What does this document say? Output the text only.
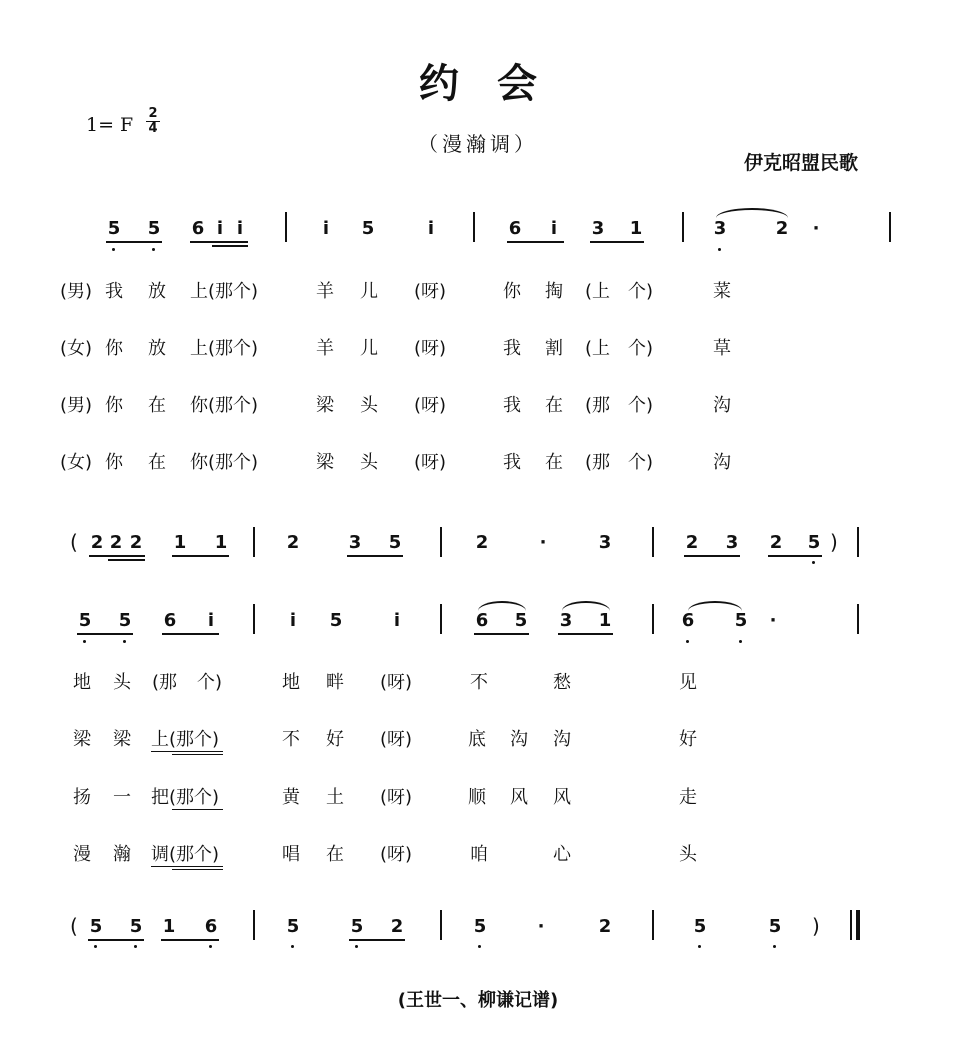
约会
1= F
2
4
（漫瀚调）
伊克昭盟民歌
5 5 6 i i	i 5	i	6 i 3 1	3	2 ·
(男) 我 放 上(那个)	羊 儿 (呀)	你 掏 (上 个)	菜
(女) 你 放 上(那个)	羊 儿 (呀)	我 割 (上 个)	草
(男) 你 在 你(那个)	梁 头 (呀)	我 在 (那 个)	沟
(女) 你 在 你(那个)	梁 头 (呀)	我 在 (那 个)	沟
( 2 2 2 1 1	2	3 5	2	·	3	2 3 2 5 )
5 5 6 i	i 5	i	6 5 3 1	6 5 ·
地 头 (那 个)	地 畔 (呀)	不	愁	见
梁 梁 上(那个)	不 好 (呀)	底 沟 沟	好
扬 一 把(那个)	黄 土 (呀)	顺 风 风	走
漫 瀚 调(那个)	唱 在 (呀)	咱	心	头
( 5 5 1 6	5	5 2	5	·	2	5	5 )
(王世一、柳谦记谱)
